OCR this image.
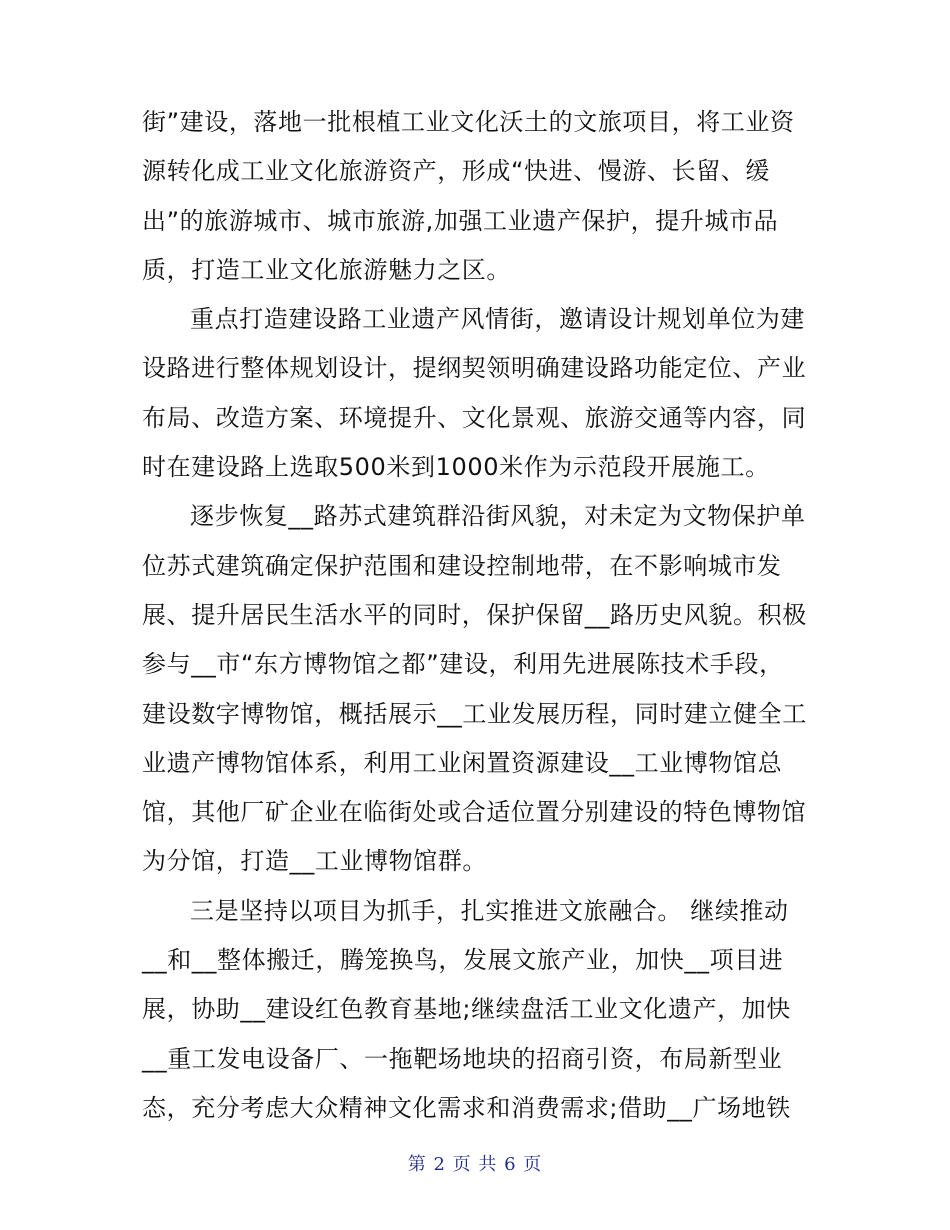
街”建设，落地一批根植工业文化沃土的文旅项目，将工业资
源转化成工业文化旅游资产，形成“快进、慢游、长留、缓
出”的旅游城市、城市旅游,加强工业遗产保护，提升城市品
质，打造工业文化旅游魅力之区。
重点打造建设路工业遗产风情街，邀请设计规划单位为建
设路进行整体规划设计，提纲契领明确建设路功能定位、产业
布局、改造方案、环境提升、文化景观、旅游交通等内容，同
时在建设路上选取500米到1000米作为示范段开展施工。
逐步恢复__路苏式建筑群沿街风貌，对未定为文物保护单
位苏式建筑确定保护范围和建设控制地带，在不影响城市发
展、提升居民生活水平的同时，保护保留__路历史风貌。积极
参与__市“东方博物馆之都”建设，利用先进展陈技术手段，
建设数字博物馆，概括展示__工业发展历程，同时建立健全工
业遗产博物馆体系，利用工业闲置资源建设__工业博物馆总
馆，其他厂矿企业在临街处或合适位置分别建设的特色博物馆
为分馆，打造__工业博物馆群。
三是坚持以项目为抓手，扎实推进文旅融合。 继续推动
__和__整体搬迁，腾笼换鸟，发展文旅产业，加快__项目进
展，协助__建设红色教育基地;继续盘活工业文化遗产，加快
__重工发电设备厂、一拖靶场地块的招商引资，布局新型业
态，充分考虑大众精神文化需求和消费需求;借助__广场地铁
第 2 页 共 6 页
